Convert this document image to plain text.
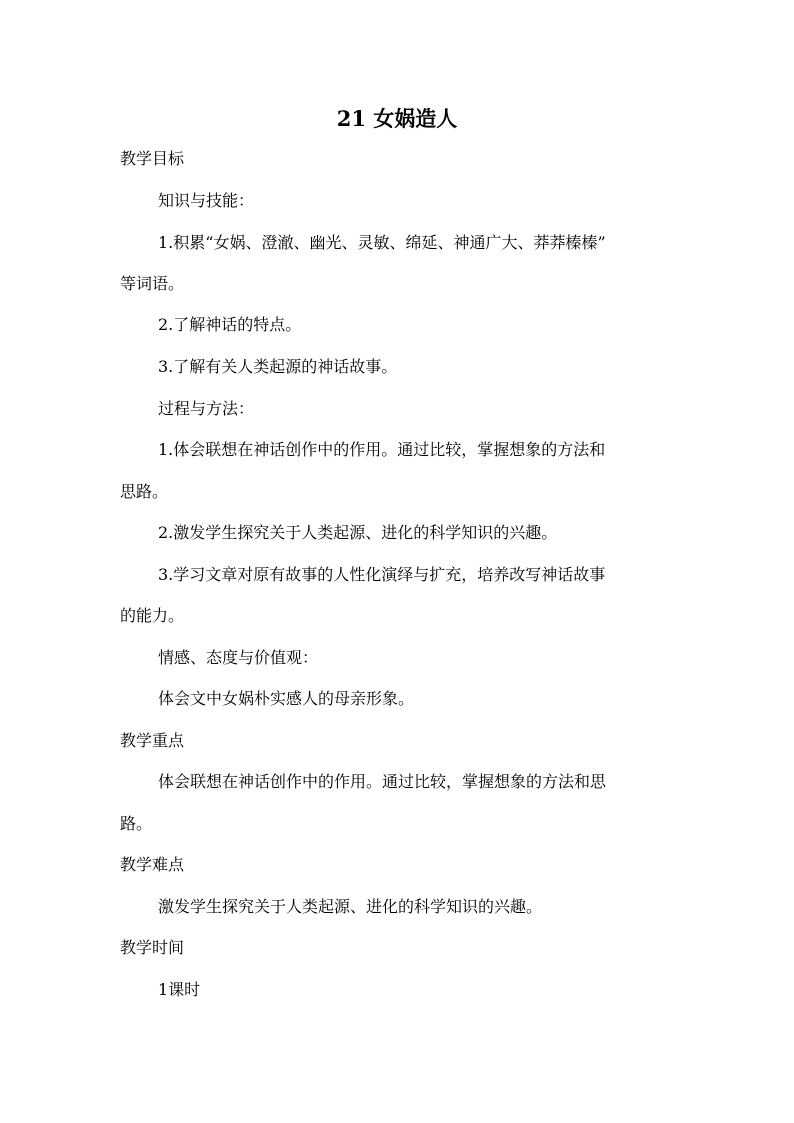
21 女娲造人
教学目标
知识与技能：
1.积累“女娲、澄澈、幽光、灵敏、绵延、神通广大、莽莽榛榛”
等词语。
2.了解神话的特点。
3.了解有关人类起源的神话故事。
过程与方法：
1.体会联想在神话创作中的作用。通过比较，掌握想象的方法和
思路。
2.激发学生探究关于人类起源、进化的科学知识的兴趣。
3.学习文章对原有故事的人性化演绎与扩充，培养改写神话故事
的能力。
情感、态度与价值观：
体会文中女娲朴实感人的母亲形象。
教学重点
体会联想在神话创作中的作用。通过比较，掌握想象的方法和思
路。
教学难点
激发学生探究关于人类起源、进化的科学知识的兴趣。
教学时间
1课时
